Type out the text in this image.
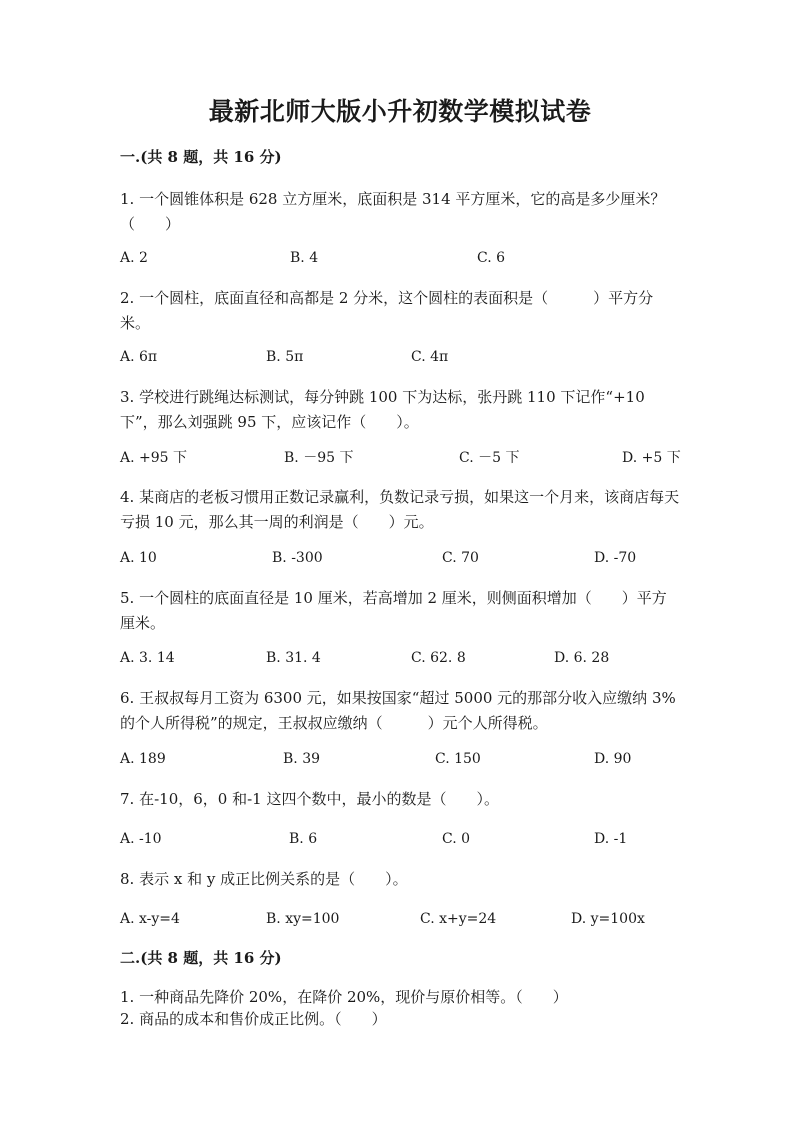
最新北师大版小升初数学模拟试卷
一.(共 8 题，共 16 分)
1. 一个圆锥体积是 628 立方厘米，底面积是 314 平方厘米，它的高是多少厘米？（　　）
A. 2	B. 4	C. 6
2. 一个圆柱，底面直径和高都是 2 分米，这个圆柱的表面积是（　　　）平方分米。
A. 6π	B. 5π	C. 4π
3. 学校进行跳绳达标测试，每分钟跳 100 下为达标，张丹跳 110 下记作“+10 下”，那么刘强跳 95 下，应该记作（　　）。
A. +95 下	B. －95 下	C. －5 下	D. +5 下
4. 某商店的老板习惯用正数记录赢利，负数记录亏损，如果这一个月来，该商店每天亏损 10 元，那么其一周的利润是（　　）元。
A. 10	B. -300	C. 70	D. -70
5. 一个圆柱的底面直径是 10 厘米，若高增加 2 厘米，则侧面积增加（　　）平方厘米。
A. 3. 14	B. 31. 4	C. 62. 8	D. 6. 28
6. 王叔叔每月工资为 6300 元，如果按国家“超过 5000 元的那部分收入应缴纳 3%的个人所得税”的规定，王叔叔应缴纳（　　　）元个人所得税。
A. 189	B. 39	C. 150	D. 90
7. 在-10，6，0 和-1 这四个数中，最小的数是（　　）。
A. -10	B. 6	C. 0	D. -1
8. 表示 x 和 y 成正比例关系的是（　　）。
A. x-y=4	B. xy=100	C. x+y=24	D. y=100x
二.(共 8 题，共 16 分)
1. 一种商品先降价 20%，在降价 20%，现价与原价相等。（　　）
2. 商品的成本和售价成正比例。（　　）
